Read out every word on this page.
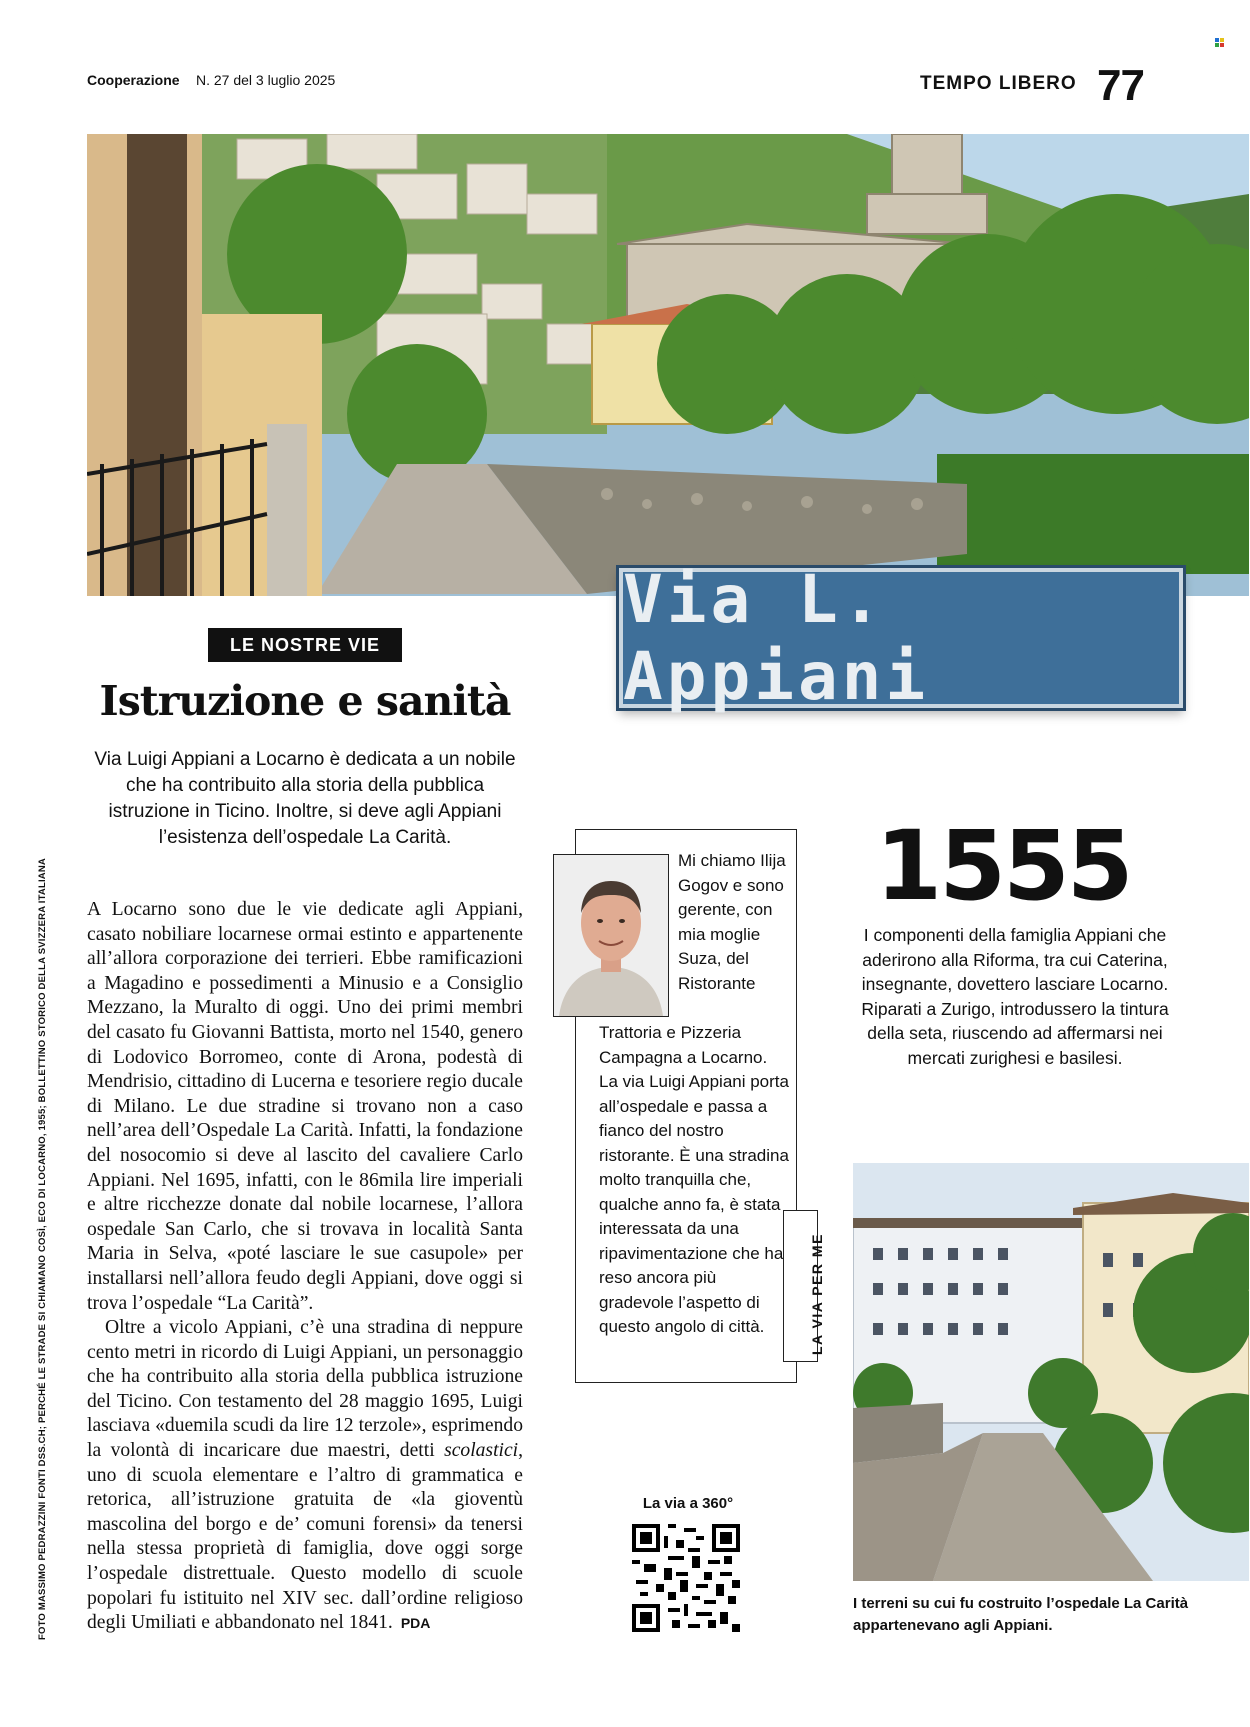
Cooperazione N. 27 del 3 luglio 2025	TEMPO LIBERO 77
Via L. Appiani
LE NOSTRE VIE
Istruzione e sanità
Via Luigi Appiani a Locarno è dedicata a un nobile che ha contribuito alla storia della pubblica istruzione in Ticino. Inoltre, si deve agli Appiani l’esistenza dell’ospedale La Carità.

A Locarno sono due le vie dedicate agli Appiani, casato nobiliare locarnese ormai estinto e appartenente all’allora corporazione dei terrieri. Ebbe ramificazioni a Magadino e possedimenti a Minusio e a Consiglio Mezzano, la Muralto di oggi. Uno dei primi membri del casato fu Giovanni Battista, morto nel 1540, genero di Lodovico Borromeo, conte di Arona, podestà di Mendrisio, cittadino di Lucerna e tesoriere regio ducale di Milano. Le due stradine si trovano non a caso nell’area dell’Ospedale La Carità. Infatti, la fondazione del nosocomio si deve al lascito del cavaliere Carlo Appiani. Nel 1695, infatti, con le 86mila lire imperiali e altre ricchezze donate dal nobile locarnese, l’allora ospedale San Carlo, che si trovava in località Santa Maria in Selva, «poté lasciare le sue casupole» per installarsi nell’allora feudo degli Appiani, dove oggi si trova l’ospedale “La Carità”.

Oltre a vicolo Appiani, c’è una stradina di neppure cento metri in ricordo di Luigi Appiani, un personaggio che ha contribuito alla storia della pubblica istruzione del Ticino. Con testamento del 28 maggio 1695, Luigi lasciava «duemila scudi da lire 12 terzole», esprimendo la volontà di incaricare due maestri, detti scolastici, uno di scuola elementare e l’altro di grammatica e retorica, all’istruzione gratuita de «la gioventù mascolina del borgo e de’ comuni forensi» da tenersi nella stessa proprietà di famiglia, dove oggi sorge l’ospedale distrettuale. Questo modello di scuole popolari fu istituito nel XIV sec. dall’ordine religioso degli Umiliati e abbandonato nel 1841. PDA

FOTO MASSIMO PEDRAZZINI FONTI DSS.CH; PERCHÉ LE STRADE SI CHIAMANO COSÌ, ECO DI LOCARNO, 1955; BOLLETTINO STORICO DELLA SVIZZERA ITALIANA	Mi chiamo Ilija Gogov e sono gerente, con mia moglie Suza, del Ristorante
Trattoria e Pizzeria Campagna a Locarno. La via Luigi Appiani porta all’ospedale e passa a fianco del nostro ristorante. È una stradina molto tranquilla che, qualche anno fa, è stata interessata da una ripavimentazione che ha reso ancora più gradevole l’aspetto di questo angolo di città.	LA VIA PER ME
1555
I componenti della famiglia Appiani che aderirono alla Riforma, tra cui Caterina, insegnante, dovettero lasciare Locarno. Riparati a Zurigo, introdussero la tintura della seta, riuscendo ad affermarsi nei mercati zurighesi e basilesi.
La via a 360°
I terreni su cui fu costruito l’ospedale La Carità appartenevano agli Appiani.
